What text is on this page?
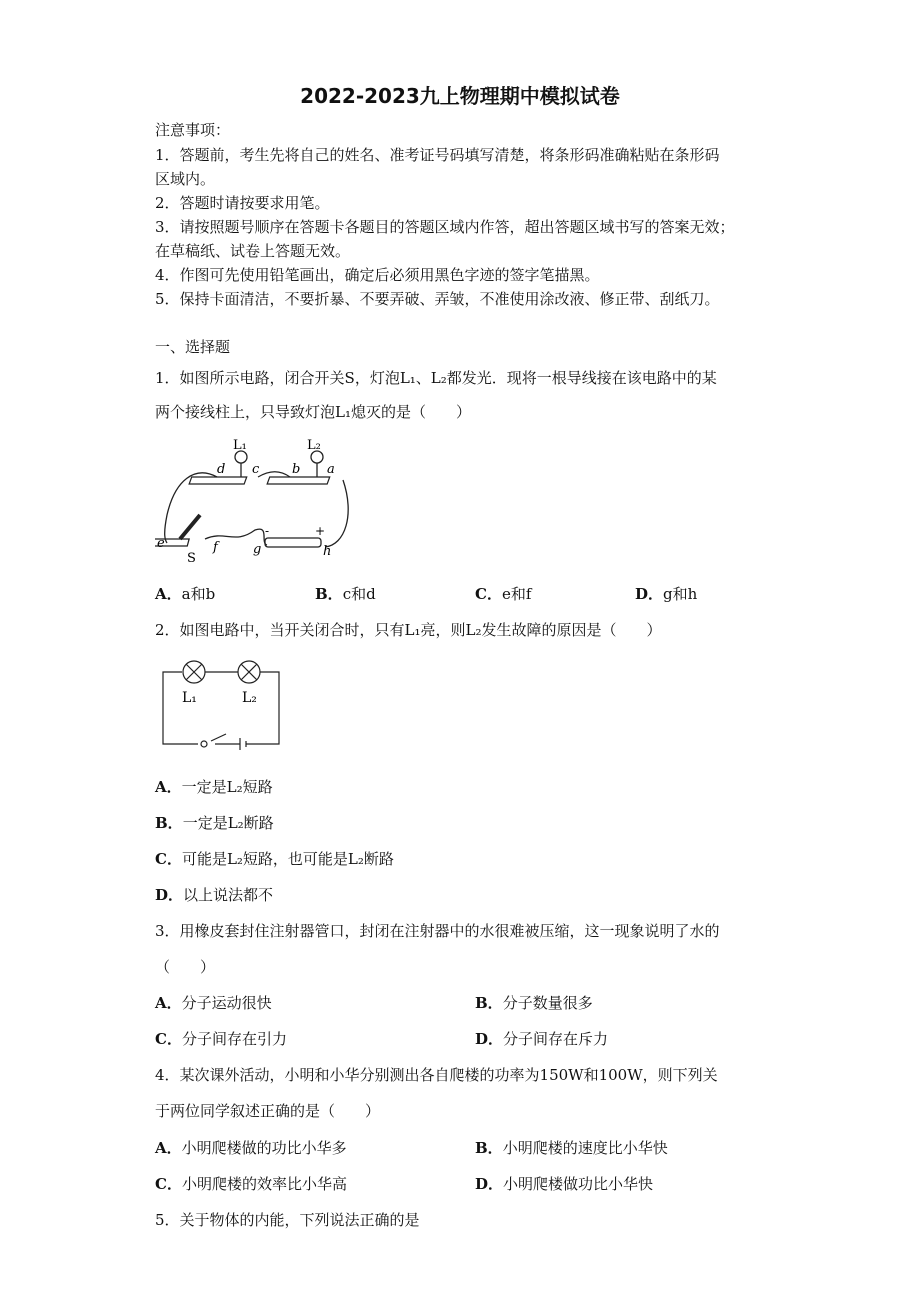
2022-2023九上物理期中模拟试卷
注意事项：
1．答题前，考生先将自己的姓名、准考证号码填写清楚，将条形码准确粘贴在条形码
区域内。
2．答题时请按要求用笔。
3．请按照题号顺序在答题卡各题目的答题区域内作答，超出答题区域书写的答案无效；
在草稿纸、试卷上答题无效。
4．作图可先使用铅笔画出，确定后必须用黑色字迹的签字笔描黑。
5．保持卡面清洁，不要折暴、不要弄破、弄皱，不准使用涂改液、修正带、刮纸刀。
一、选择题
1．如图所示电路，闭合开关S，灯泡L₁、L₂都发光．现将一根导线接在该电路中的某
两个接线柱上，只导致灯泡L₁熄灭的是（　　）
L₁	L₂
d c	b a
e	f
S
g	h
-	+
A．a和b	B．c和d	C．e和f	D．g和h
2．如图电路中，当开关闭合时，只有L₁亮，则L₂发生故障的原因是（　　）
L₁	L₂
A．一定是L₂短路
B．一定是L₂断路
C．可能是L₂短路，也可能是L₂断路
D．以上说法都不
3．用橡皮套封住注射器管口，封闭在注射器中的水很难被压缩，这一现象说明了水的
（　　）
A．分子运动很快	B．分子数量很多
C．分子间存在引力	D．分子间存在斥力
4．某次课外活动，小明和小华分别测出各自爬楼的功率为150W和100W，则下列关
于两位同学叙述正确的是（　　）
A．小明爬楼做的功比小华多	B．小明爬楼的速度比小华快
C．小明爬楼的效率比小华高	D．小明爬楼做功比小华快
5．关于物体的内能，下列说法正确的是
